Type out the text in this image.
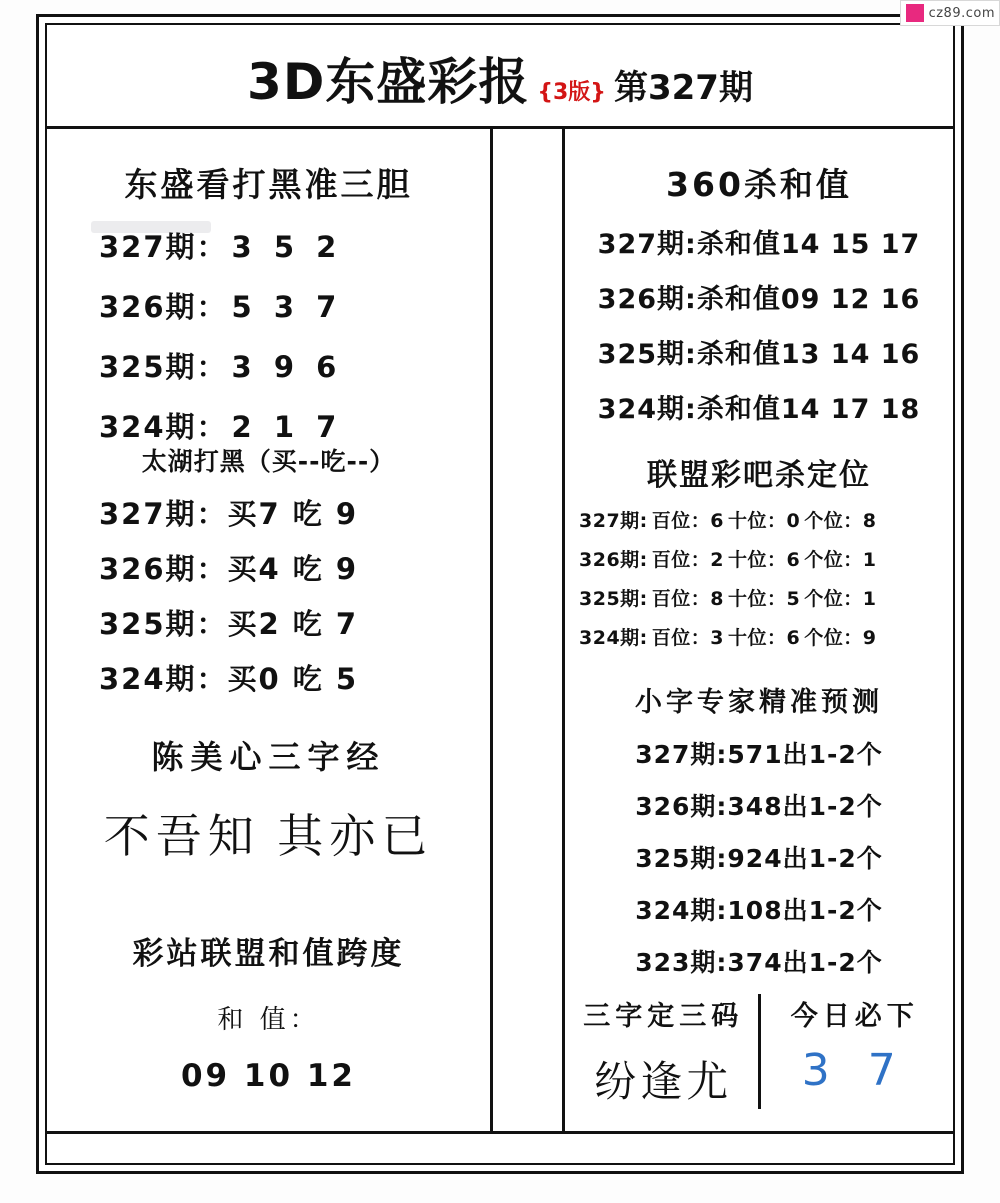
cz89.com
3D东盛彩报 {3版} 第327期
东盛看打黑准三胆
327期： 3 5 2
326期： 5 3 7
325期： 3 9 6
324期： 2 1 7
太湖打黑（买--吃--）
327期：买7 吃 9
326期：买4 吃 9
325期：买2 吃 7
324期：买0 吃 5
陈美心三字经
不吾知 其亦已
彩站联盟和值跨度
和 值：
09 10 12
360杀和值
327期:杀和值14 15 17
326期:杀和值09 12 16
325期:杀和值13 14 16
324期:杀和值14 17 18
联盟彩吧杀定位
327期: 百位：6 十位：0 个位：8
326期: 百位：2 十位：6 个位：1
325期: 百位：8 十位：5 个位：1
324期: 百位：3 十位：6 个位：9
小字专家精准预测
327期:571出1-2个
326期:348出1-2个
325期:924出1-2个
324期:108出1-2个
323期:374出1-2个
三字定三码
纷逢尤
今日必下
3 7
